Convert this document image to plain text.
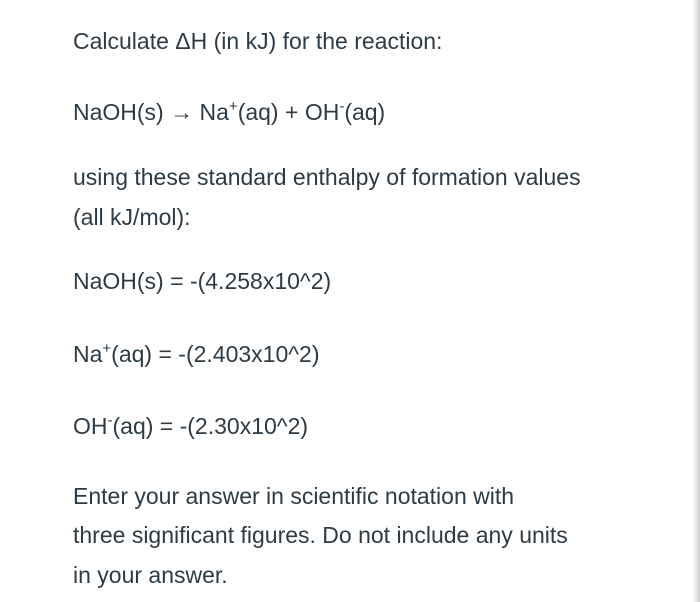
Calculate ΔH (in kJ) for the reaction:
NaOH(s) → Na+(aq) + OH-(aq)
using these standard enthalpy of formation values
(all kJ/mol):
NaOH(s) = -(4.258x10^2)
Na+(aq) = -(2.403x10^2)
OH-(aq) = -(2.30x10^2)
Enter your answer in scientific notation with
three significant figures. Do not include any units
in your answer.
